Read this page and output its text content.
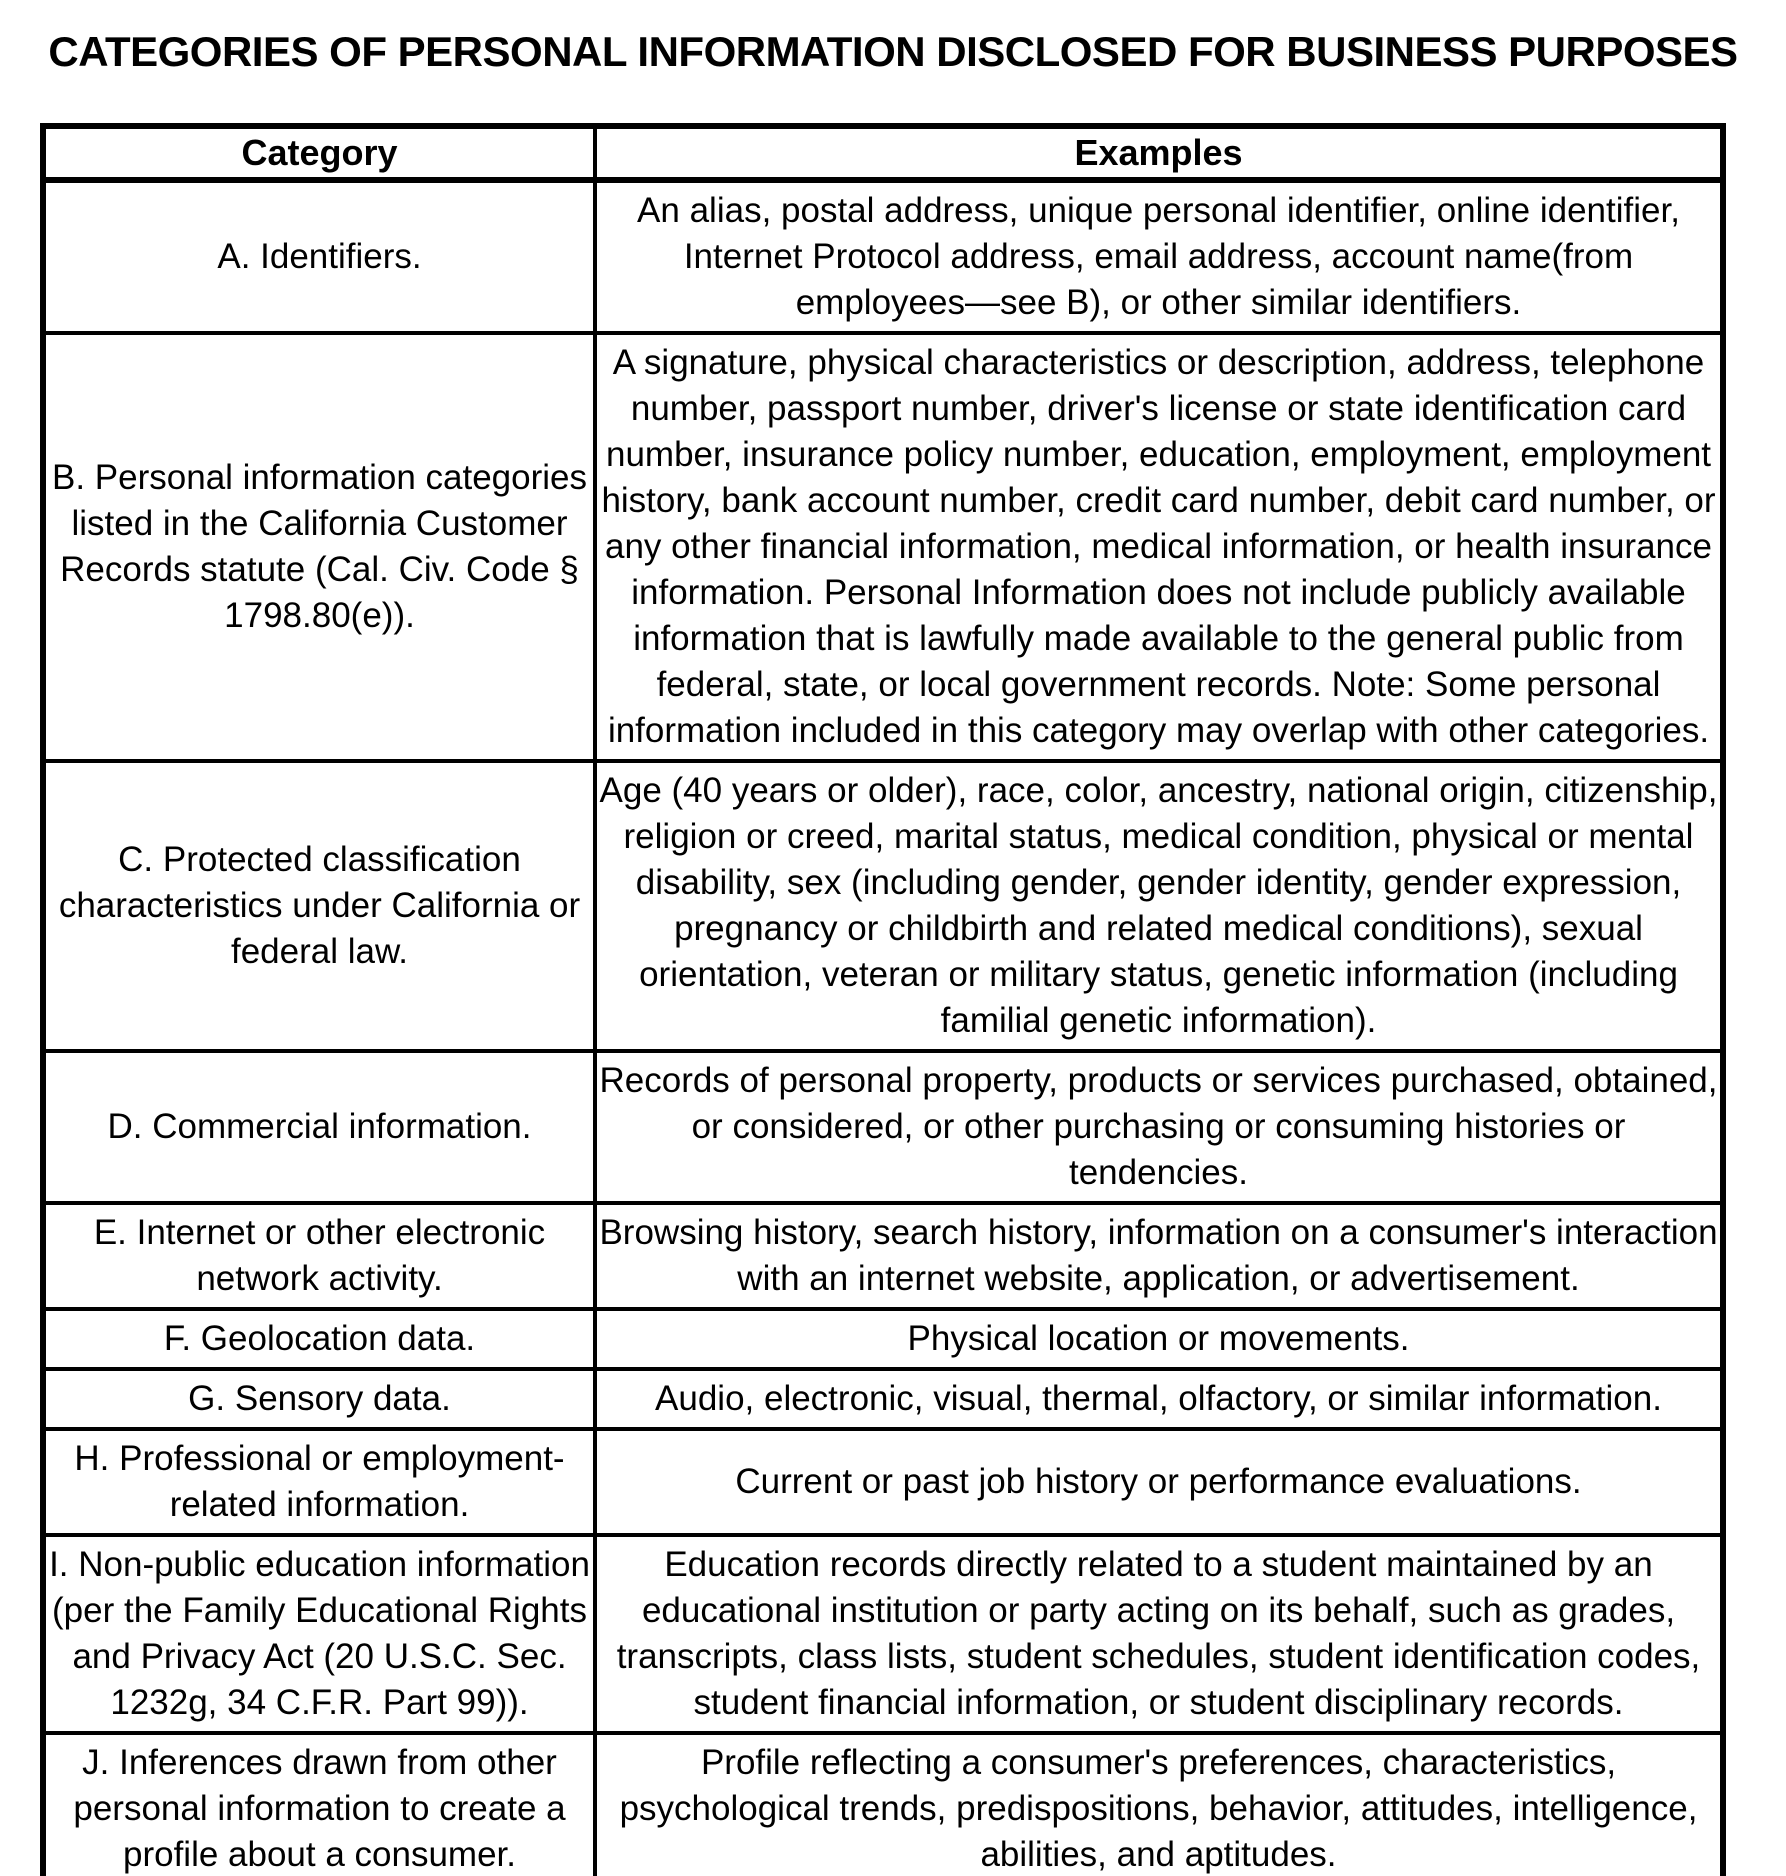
CATEGORIES OF PERSONAL INFORMATION DISCLOSED FOR BUSINESS PURPOSES
Category	Examples
A. Identifiers.	An alias, postal address, unique personal identifier, online identifier, Internet Protocol address, email address, account name(from employees—see B), or other similar identifiers.
B. Personal information categories listed in the California Customer Records statute (Cal. Civ. Code § 1798.80(e)).	A signature, physical characteristics or description, address, telephone number, passport number, driver's license or state identification card number, insurance policy number, education, employment, employment history, bank account number, credit card number, debit card number, or any other financial information, medical information, or health insurance information. Personal Information does not include publicly available information that is lawfully made available to the general public from federal, state, or local government records. Note: Some personal information included in this category may overlap with other categories.
C. Protected classification characteristics under California or federal law.	Age (40 years or older), race, color, ancestry, national origin, citizenship, religion or creed, marital status, medical condition, physical or mental disability, sex (including gender, gender identity, gender expression, pregnancy or childbirth and related medical conditions), sexual orientation, veteran or military status, genetic information (including familial genetic information).
D. Commercial information.	Records of personal property, products or services purchased, obtained, or considered, or other purchasing or consuming histories or tendencies.
E. Internet or other electronic network activity.	Browsing history, search history, information on a consumer's interaction with an internet website, application, or advertisement.
F. Geolocation data.	Physical location or movements.
G. Sensory data.	Audio, electronic, visual, thermal, olfactory, or similar information.
H. Professional or employment-related information.	Current or past job history or performance evaluations.
I. Non-public education information (per the Family Educational Rights and Privacy Act (20 U.S.C. Sec. 1232g, 34 C.F.R. Part 99)).	Education records directly related to a student maintained by an educational institution or party acting on its behalf, such as grades, transcripts, class lists, student schedules, student identification codes, student financial information, or student disciplinary records.
J. Inferences drawn from other personal information to create a profile about a consumer.	Profile reflecting a consumer's preferences, characteristics, psychological trends, predispositions, behavior, attitudes, intelligence, abilities, and aptitudes.
